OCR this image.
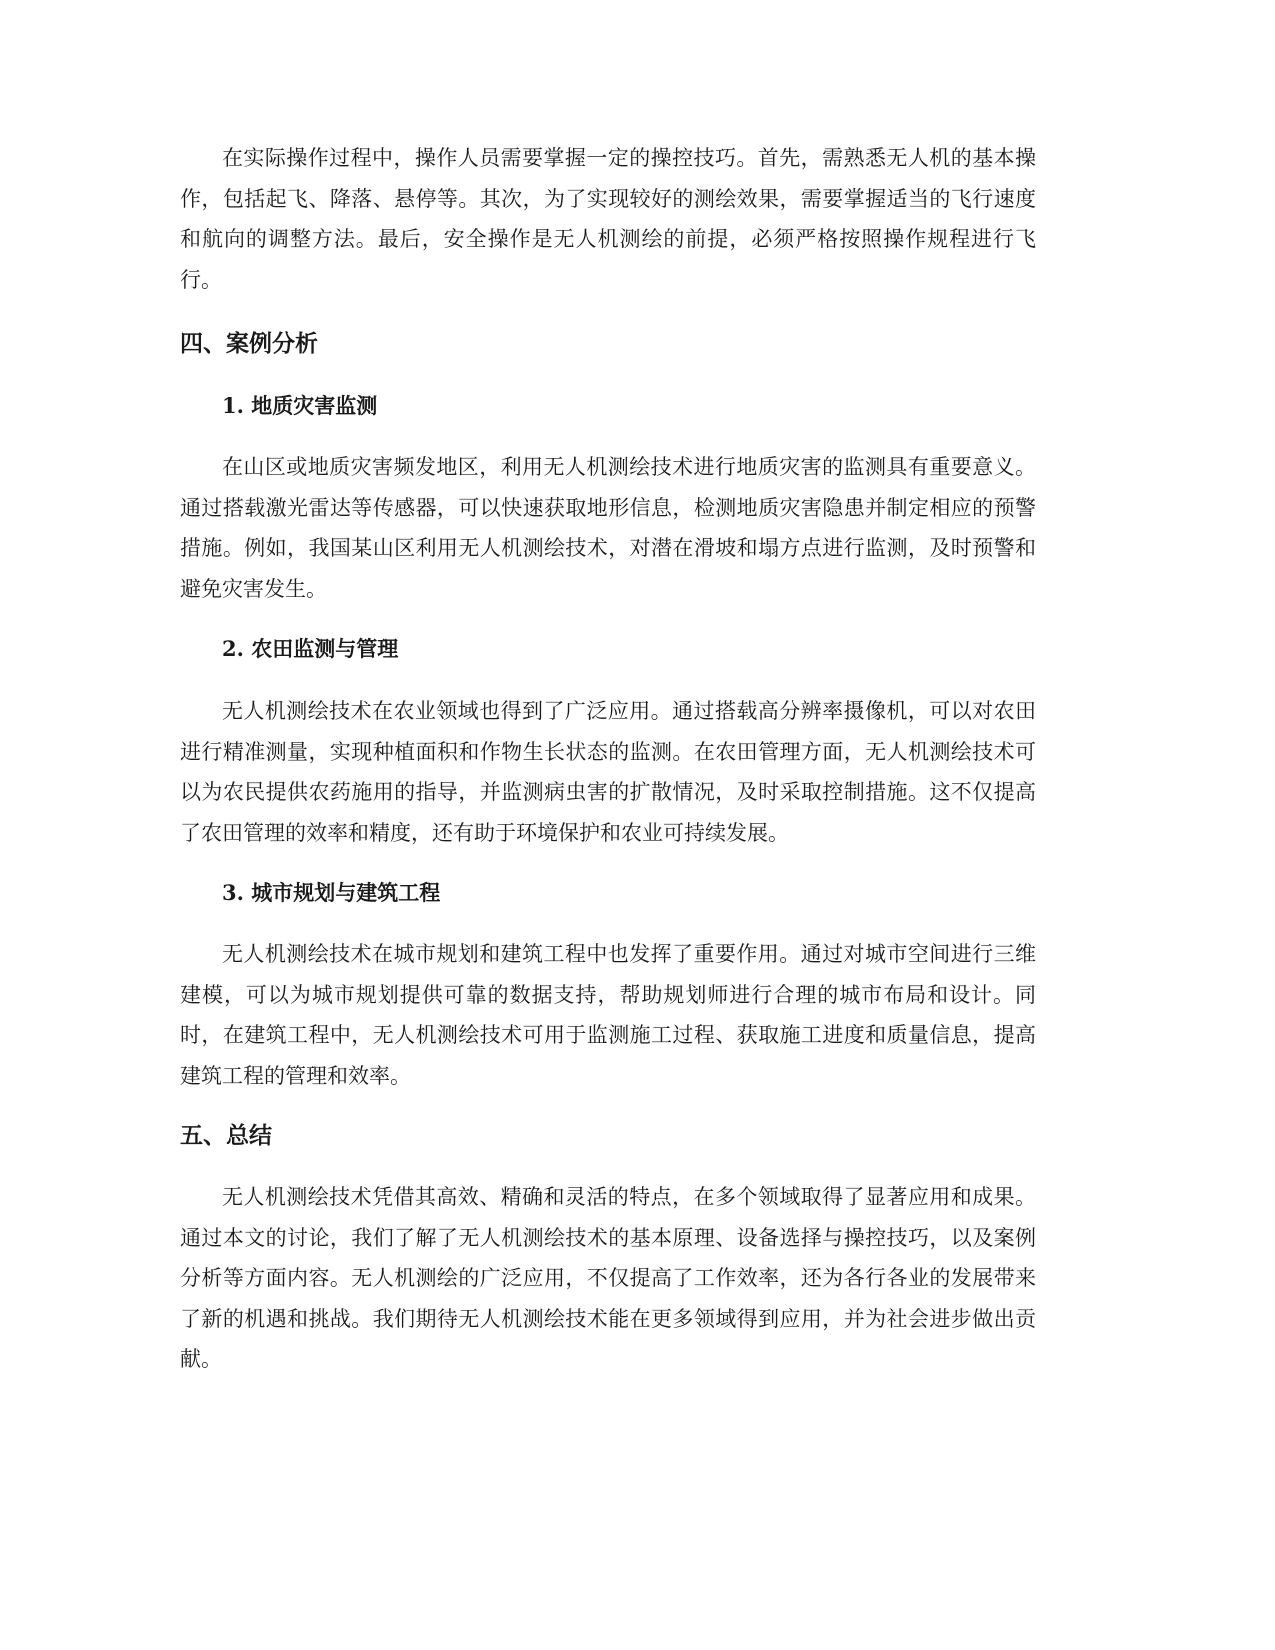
在实际操作过程中，操作人员需要掌握一定的操控技巧。首先，需熟悉无人机的基本操作，包括起飞、降落、悬停等。其次，为了实现较好的测绘效果，需要掌握适当的飞行速度和航向的调整方法。最后，安全操作是无人机测绘的前提，必须严格按照操作规程进行飞行。

四、案例分析
1. 地质灾害监测

在山区或地质灾害频发地区，利用无人机测绘技术进行地质灾害的监测具有重要意义。通过搭载激光雷达等传感器，可以快速获取地形信息，检测地质灾害隐患并制定相应的预警措施。例如，我国某山区利用无人机测绘技术，对潜在滑坡和塌方点进行监测，及时预警和避免灾害发生。

2. 农田监测与管理

无人机测绘技术在农业领域也得到了广泛应用。通过搭载高分辨率摄像机，可以对农田进行精准测量，实现种植面积和作物生长状态的监测。在农田管理方面，无人机测绘技术可以为农民提供农药施用的指导，并监测病虫害的扩散情况，及时采取控制措施。这不仅提高了农田管理的效率和精度，还有助于环境保护和农业可持续发展。

3. 城市规划与建筑工程

无人机测绘技术在城市规划和建筑工程中也发挥了重要作用。通过对城市空间进行三维建模，可以为城市规划提供可靠的数据支持，帮助规划师进行合理的城市布局和设计。同时，在建筑工程中，无人机测绘技术可用于监测施工过程、获取施工进度和质量信息，提高建筑工程的管理和效率。

五、总结

无人机测绘技术凭借其高效、精确和灵活的特点，在多个领域取得了显著应用和成果。通过本文的讨论，我们了解了无人机测绘技术的基本原理、设备选择与操控技巧，以及案例分析等方面内容。无人机测绘的广泛应用，不仅提高了工作效率，还为各行各业的发展带来了新的机遇和挑战。我们期待无人机测绘技术能在更多领域得到应用，并为社会进步做出贡献。
